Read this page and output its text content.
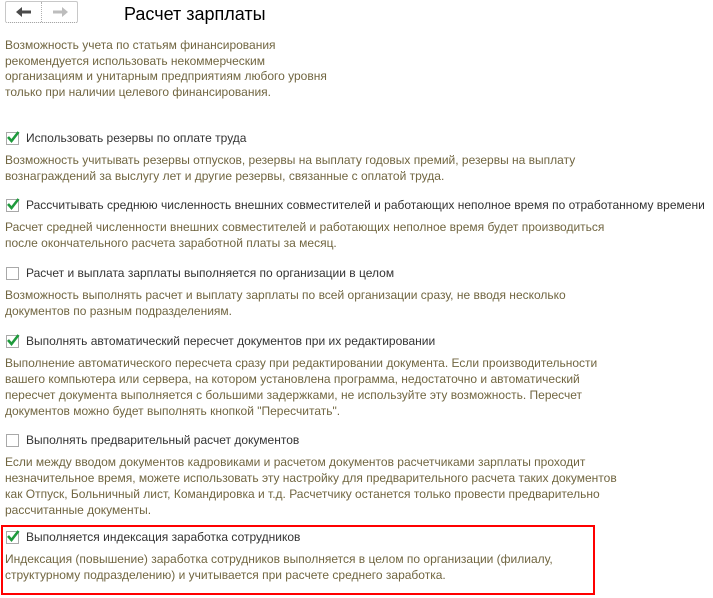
Расчет зарплаты
Возможность учета по статьям финансирования рекомендуется использовать некоммерческим организациям и унитарным предприятиям любого уровня только при наличии целевого финансирования.
Использовать резервы по оплате труда
Возможность учитывать резервы отпусков, резервы на выплату годовых премий, резервы на выплату вознаграждений за выслугу лет и другие резервы, связанные с оплатой труда.
Рассчитывать среднюю численность внешних совместителей и работающих неполное время по отработанному времени
Расчет средней численности внешних совместителей и работающих неполное время будет производиться после окончательного расчета заработной платы за месяц.
Расчет и выплата зарплаты выполняется по организации в целом
Возможность выполнять расчет и выплату зарплаты по всей организации сразу, не вводя несколько документов по разным подразделениям.
Выполнять автоматический пересчет документов при их редактировании
Выполнение автоматического пересчета сразу при редактировании документа. Если производительности вашего компьютера или сервера, на котором установлена программа, недостаточно и автоматический пересчет документа выполняется с большими задержками, не используйте эту возможность. Пересчет документов можно будет выполнять кнопкой "Пересчитать".
Выполнять предварительный расчет документов
Если между вводом документов кадровиками и расчетом документов расчетчиками зарплаты проходит незначительное время, можете использовать эту настройку для предварительного расчета таких документов как Отпуск, Больничный лист, Командировка и т.д. Расчетчику останется только провести предварительно рассчитанные документы.
Выполняется индексация заработка сотрудников
Индексация (повышение) заработка сотрудников выполняется в целом по организации (филиалу, структурному подразделению) и учитывается при расчете среднего заработка.
